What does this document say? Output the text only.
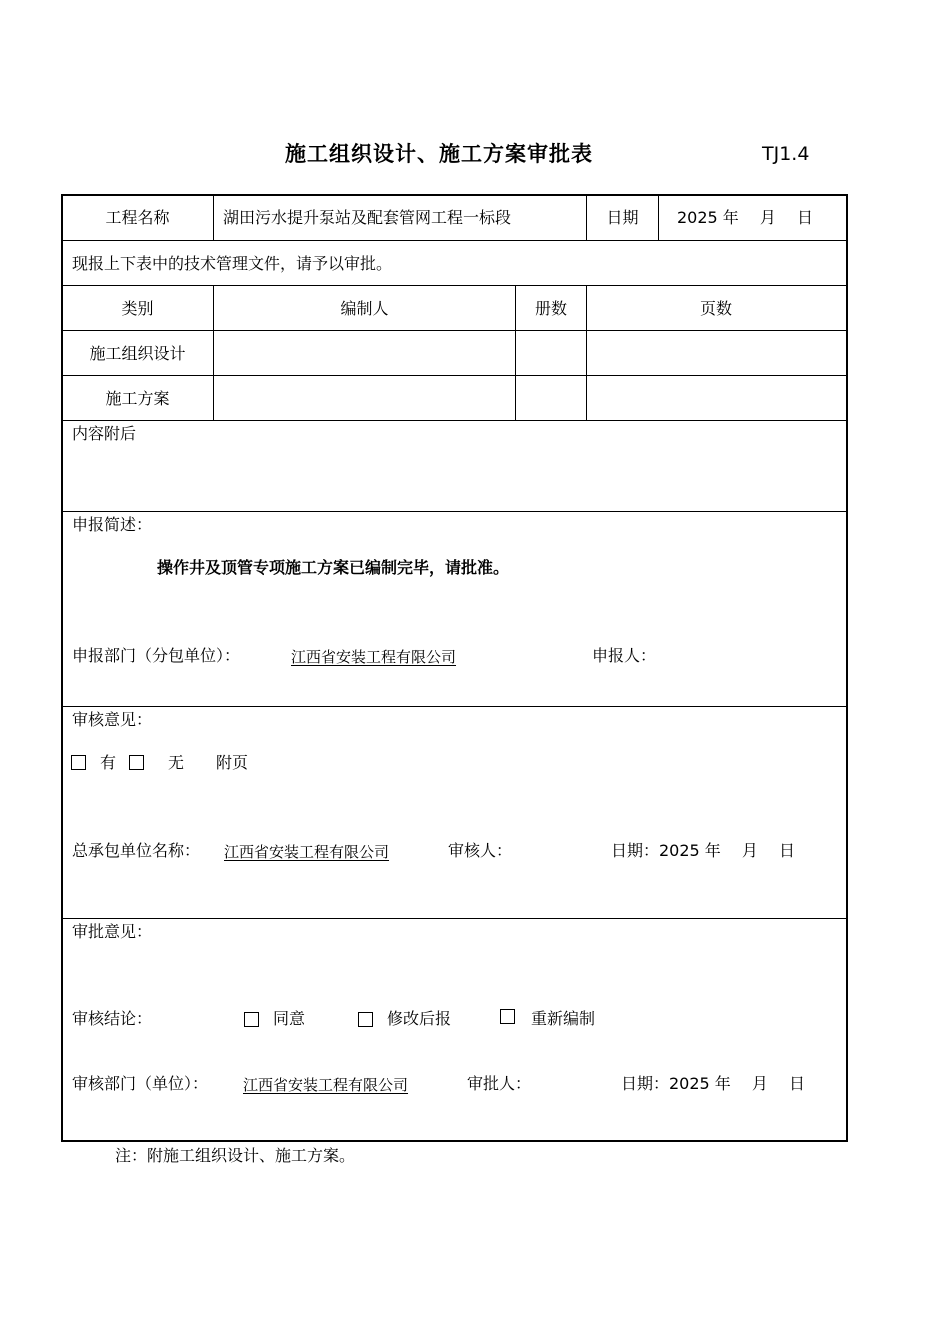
施工组织设计、施工方案审批表	TJ1.4
工程名称	湖田污水提升泵站及配套管网工程一标段	日期	2025 年　 月　 日
现报上下表中的技术管理文件，请予以审批。
类别	编制人	册数	页数
施工组织设计
施工方案
内容附后
申报简述：
操作井及顶管专项施工方案已编制完毕，请批准。
申报部门（分包单位）：	江西省安装工程有限公司	申报人：
审核意见：
有	无 附页
总承包单位名称： 江西省安装工程有限公司	审核人：	日期：2025 年　 月　 日
审批意见：
审核结论：	同意	修改后报	重新编制
审核部门（单位）： 江西省安装工程有限公司	审批人：	日期：2025 年　 月　 日
注：附施工组织设计、施工方案。
